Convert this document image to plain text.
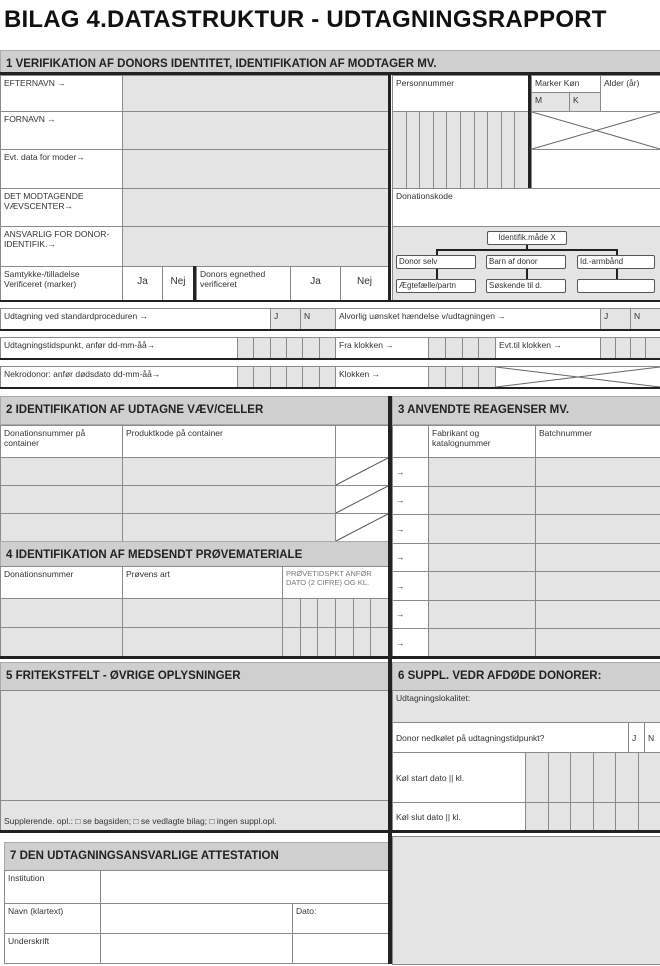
BILAG 4.DATASTRUKTUR - UDTAGNINGSRAPPORT
1 VERIFIKATION AF DONORS IDENTITET, IDENTIFIKATION AF MODTAGER MV.
EFTERNAVN →
FORNAVN →
Evt. data for moder→
DET MODTAGENDE VÆVSCENTER→
ANSVARLIG FOR DONOR-IDENTIFIK.→
Samtykke-/tilladelse Verificeret (marker)	Ja	Nej
Donors egnethed verificeret	Ja	Nej
Personnummer	Marker Køn
M	K
Alder (år)
Donationskode
Udtagning ved standardproceduren →	J	N	Alvorlig uønsket hændelse v/udtagningen →	J	N
Udtagningstidspunkt, anfør dd-mm-åå→	Fra klokken →	Evt.til klokken →
Nekrodonor: anfør dødsdato dd-mm-åå→	Klokken →
2 IDENTIFIKATION AF UDTAGNE VÆV/CELLER
Donationsnummer på container
Produktkode på container
4 IDENTIFIKATION AF MEDSENDT PRØVEMATERIALE
Donationsnummer	Prøvens art	PRØVETIDSPKT ANFØR DATO (2 CIFRE) OG KL.
3 ANVENDTE REAGENSER MV.
Fabrikant og katalognummer
Batchnummer
→
→
→
→
→
→
→
5 FRITEKSTFELT - ØVRIGE OPLYSNINGER
Supplerende. opl.: □ se bagsiden; □ se vedlagte bilag; □ ingen suppl.opl.
6 SUPPL. VEDR AFDØDE DONORER:
Udtagningslokalitet:
Donor nedkølet på udtagningstidpunkt?	J	N
Køl start dato || kl.
Køl slut dato || kl.
7 DEN UDTAGNINGSANSVARLIGE ATTESTATION
Institution
Navn (klartext)	Dato:
Underskrift
Identifik.måde X
Donor selv	Barn af donor	Id.-armbånd
Ægtefælle/partn	Søskende til d.
